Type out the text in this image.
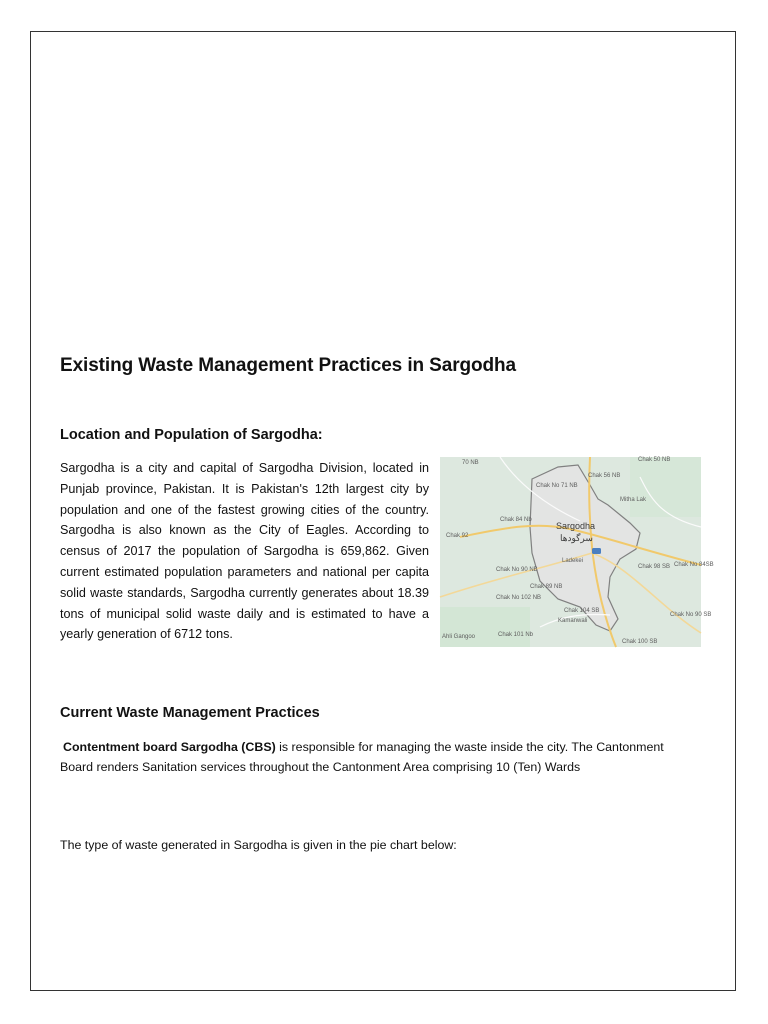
Existing Waste Management Practices in Sargodha
Location and Population of Sargodha:

Sargodha is a city and capital of Sargodha Division, located in Punjab province, Pakistan. It is Pakistan's 12th largest city by population and one of the fastest growing cities of the country. Sargodha is also known as the City of Eagles. According to census of 2017 the population of Sargodha is 659,862. Given current estimated population parameters and national per capita solid waste standards, Sargodha currently generates about 18.39 tons of municipal solid waste daily and is estimated to have a yearly generation of 6712 tons.

70 NB
Chak No 71 NB
Chak 56 NB
Chak 50 NB
Mitha Lak
Chak 84 Nb
Chak 92
Sargodha
سرگودھا
Chak No 90 NB
Ladekei
Chak 89 NB
Chak No 102 NB
Chak 104 SB
Kamanwali
Chak 101 Nb
Ahli Gangoo
Chak 98 SB Chak No 84SB
Chak No 90 SB
Chak 100 SB
Current Waste Management Practices

Contentment board Sargodha (CBS) is responsible for managing the waste inside the city. The Cantonment Board renders Sanitation services throughout the Cantonment Area comprising 10 (Ten) Wards

The type of waste generated in Sargodha is given in the pie chart below:
